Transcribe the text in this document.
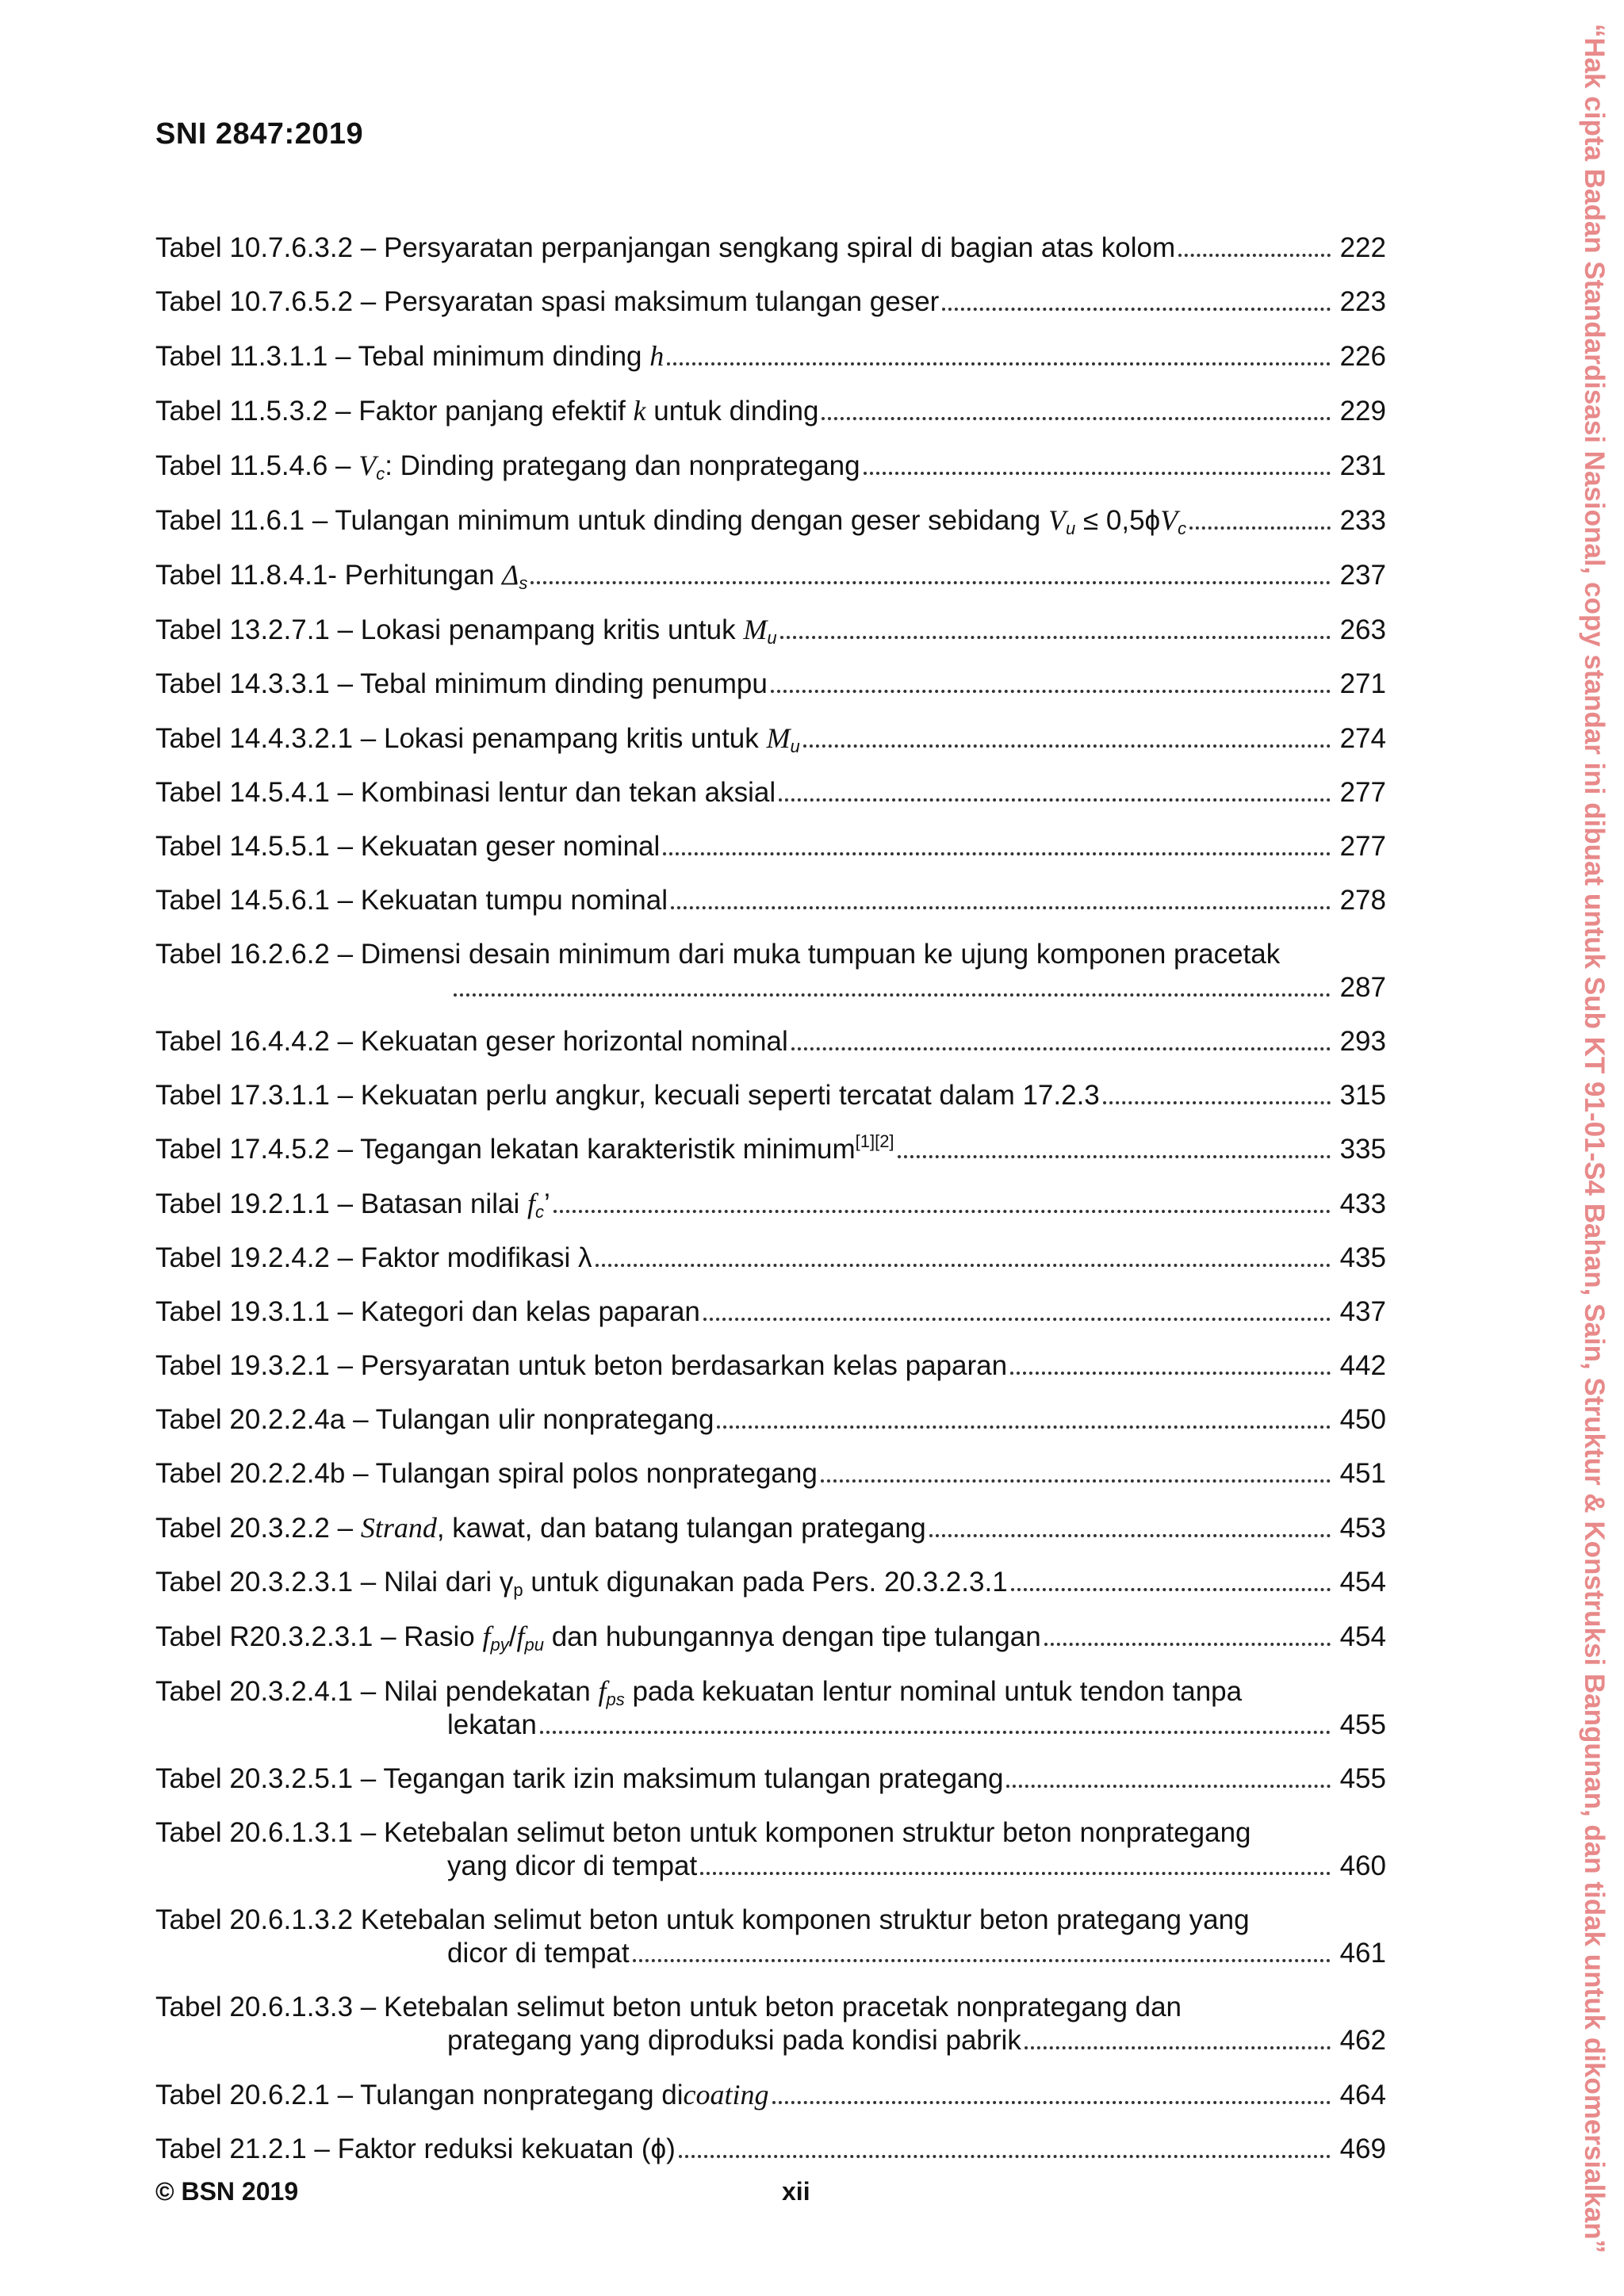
SNI 2847:2019
Tabel 10.7.6.3.2 – Persyaratan perpanjangan sengkang spiral di bagian atas kolom	222
Tabel 10.7.6.5.2 – Persyaratan spasi maksimum tulangan geser	223
Tabel 11.3.1.1 – Tebal minimum dinding h	226
Tabel 11.5.3.2 – Faktor panjang efektif k untuk dinding	229
Tabel $11.5.4.6 - V_c$: Dinding prategang dan nonprategang	231
Tabel 11.6.1 – Tulangan minimum untuk dinding dengan geser sebidang $V_u \le 0,5\phi V_c$	233
Tabel 11.8.4.1- Perhitungan $\Delta_s$	237
Tabel 13.2.7.1 – Lokasi penampang kritis untuk $M_u$	263
Tabel 14.3.3.1 – Tebal minimum dinding penumpu	271
Tabel 14.4.3.2.1 – Lokasi penampang kritis untuk $M_u$	274
Tabel 14.5.4.1 – Kombinasi lentur dan tekan aksial	277
Tabel 14.5.5.1 – Kekuatan geser nominal	277
Tabel 14.5.6.1 – Kekuatan tumpu nominal	278
Tabel 16.2.6.2 – Dimensi desain minimum dari muka tumpuan ke ujung komponen pracetak
287
Tabel 16.4.4.2 – Kekuatan geser horizontal nominal	293
Tabel 17.3.1.1 – Kekuatan perlu angkur, kecuali seperti tercatat dalam 17.2.3	315
Tabel 17.4.5.2 – Tegangan lekatan karakteristik minimum[1][2]	335
Tabel 19.2.1.1 – Batasan nilai $f_c$’	433
Tabel 19.2.4.2 – Faktor modifikasi λ	435
Tabel 19.3.1.1 – Kategori dan kelas paparan	437
Tabel 19.3.2.1 – Persyaratan untuk beton berdasarkan kelas paparan	442
Tabel 20.2.2.4a – Tulangan ulir nonprategang	450
Tabel 20.2.2.4b – Tulangan spiral polos nonprategang	451
Tabel 20.3.2.2 – Strand, kawat, dan batang tulangan prategang	453
Tabel 20.3.2.3.1 – Nilai dari $\gamma_p$ untuk digunakan pada Pers. 20.3.2.3.1	454
Tabel R20.3.2.3.1 – Rasio $f_{py}/f_{pu}$ dan hubungannya dengan tipe tulangan	454
Tabel 20.3.2.4.1 – Nilai pendekatan $f_{ps}$ pada kekuatan lentur nominal untuk tendon tanpa
lekatan	455
Tabel 20.3.2.5.1 – Tegangan tarik izin maksimum tulangan prategang	455
Tabel 20.6.1.3.1 – Ketebalan selimut beton untuk komponen struktur beton nonprategang
yang dicor di tempat	460
Tabel 20.6.1.3.2 Ketebalan selimut beton untuk komponen struktur beton prategang yang
dicor di tempat	461
Tabel 20.6.1.3.3 – Ketebalan selimut beton untuk beton pracetak nonprategang dan
prategang yang diproduksi pada kondisi pabrik	462
Tabel 20.6.2.1 – Tulangan nonprategang dicoating	464
Tabel 21.2.1 – Faktor reduksi kekuatan (ϕ)	469
© BSN 2019	xii	“Hak cipta Badan Standardisasi Nasional, copy standar ini dibuat untuk Sub KT 91-01-S4 Bahan, Sain, Struktur & Konstruksi Bangunan, dan tidak untuk dikomersialkan”
